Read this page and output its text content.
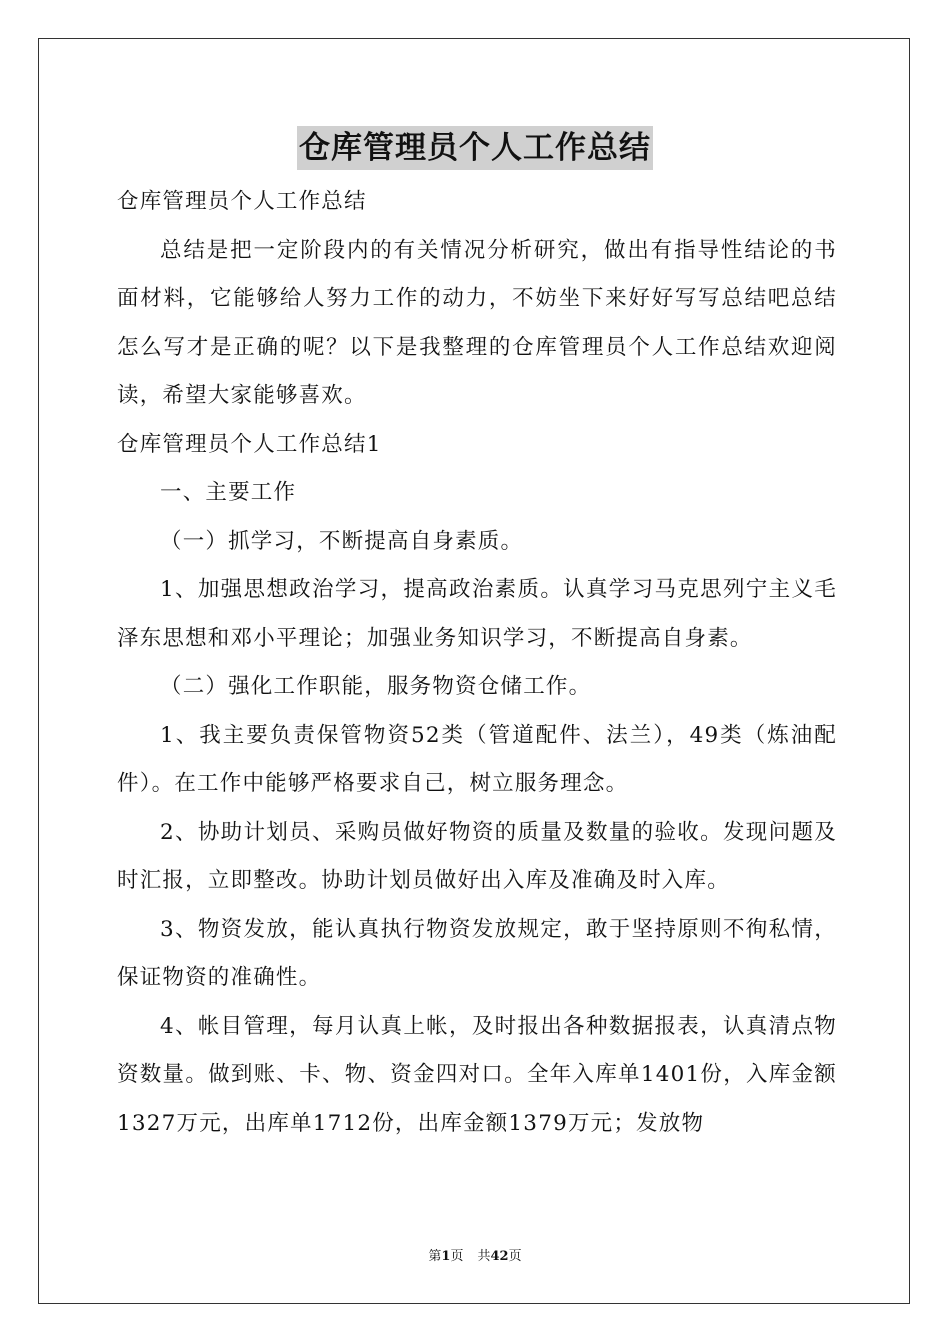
仓库管理员个人工作总结

仓库管理员个人工作总结

总结是把一定阶段内的有关情况分析研究，做出有指导性结论的书面材料，它能够给人努力工作的动力，不妨坐下来好好写写总结吧总结怎么写才是正确的呢？以下是我整理的仓库管理员个人工作总结欢迎阅读，希望大家能够喜欢。

仓库管理员个人工作总结1

一、主要工作

（一）抓学习，不断提高自身素质。

1、加强思想政治学习，提高政治素质。认真学习马克思列宁主义毛泽东思想和邓小平理论；加强业务知识学习，不断提高自身素。

（二）强化工作职能，服务物资仓储工作。

1、我主要负责保管物资52类（管道配件、法兰），49类（炼油配件）。在工作中能够严格要求自己，树立服务理念。

2、协助计划员、采购员做好物资的质量及数量的验收。发现问题及时汇报，立即整改。协助计划员做好出入库及准确及时入库。

3、物资发放，能认真执行物资发放规定，敢于坚持原则不徇私情，保证物资的准确性。

4、帐目管理，每月认真上帐，及时报出各种数据报表，认真清点物资数量。做到账、卡、物、资金四对口。全年入库单1401份，入库金额1327万元，出库单1712份，出库金额1379万元；发放物

第1页 共42页
